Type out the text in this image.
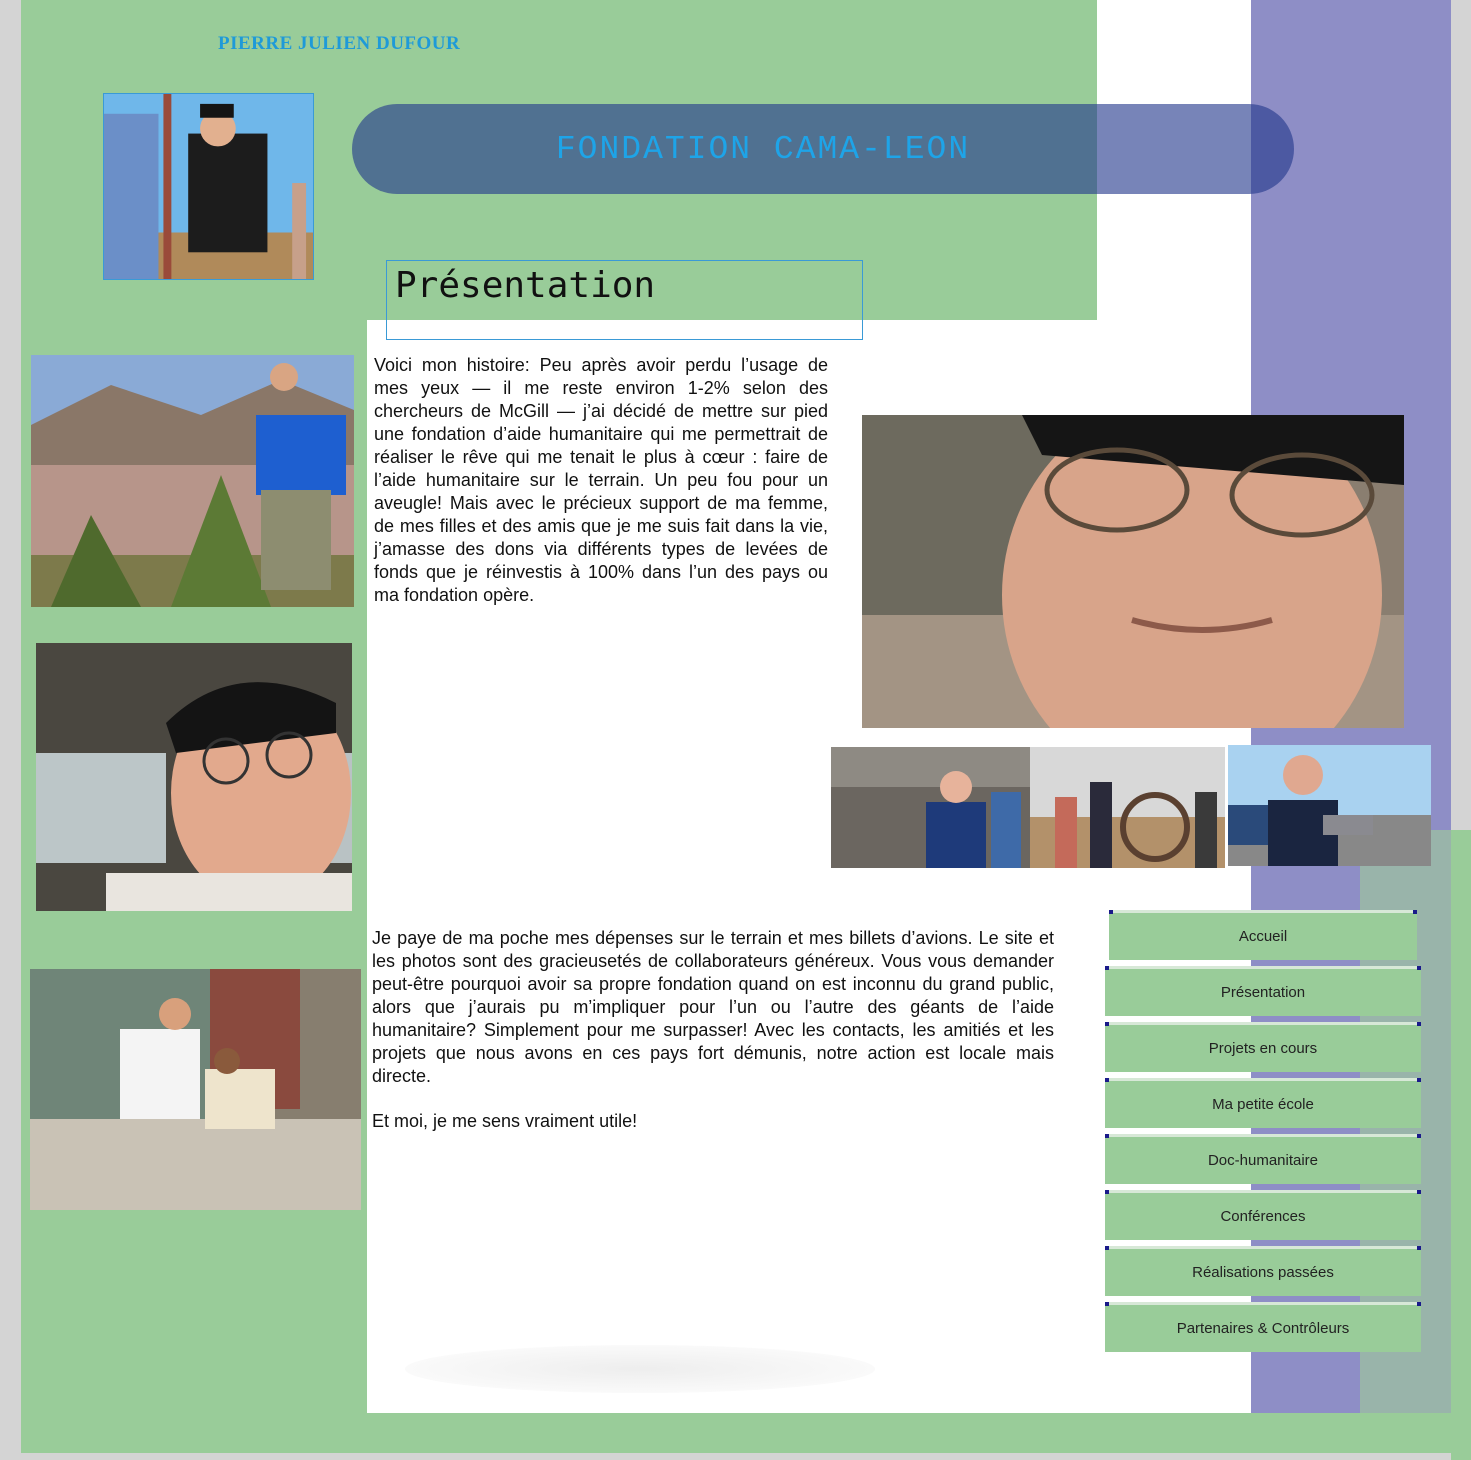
PIERRE JULIEN DUFOUR
FONDATION CAMA-LEON
Présentation
Voici mon histoire: Peu après avoir perdu l’usage de mes yeux — il me reste environ 1-2% selon des chercheurs de McGill — j’ai décidé de mettre sur pied une fondation d’aide humanitaire qui me permettrait de réaliser le rêve qui me tenait le plus à cœur : faire de l’aide humanitaire sur le terrain. Un peu fou pour un aveugle! Mais avec le précieux support de ma femme, de mes filles et des amis que je me suis fait dans la vie, j’amasse des dons via différents types de levées de fonds que je réinvestis à 100% dans l’un des pays ou ma fondation opère.
Je paye de ma poche mes dépenses sur le terrain et mes billets d’avions. Le site et les photos sont des gracieusetés de collaborateurs généreux. Vous vous demander peut-être pourquoi avoir sa propre fondation quand on est inconnu du grand public, alors que j’aurais pu m’impliquer pour l’un ou l’autre des géants de l’aide humanitaire? Simplement pour me surpasser! Avec les contacts, les amitiés et les projets que nous avons en ces pays fort démunis, notre action est locale mais directe.
Et moi, je me sens vraiment utile!
Accueil
Présentation
Projets en cours
Ma petite école
Doc-humanitaire
Conférences
Réalisations passées
Partenaires & Contrôleurs
